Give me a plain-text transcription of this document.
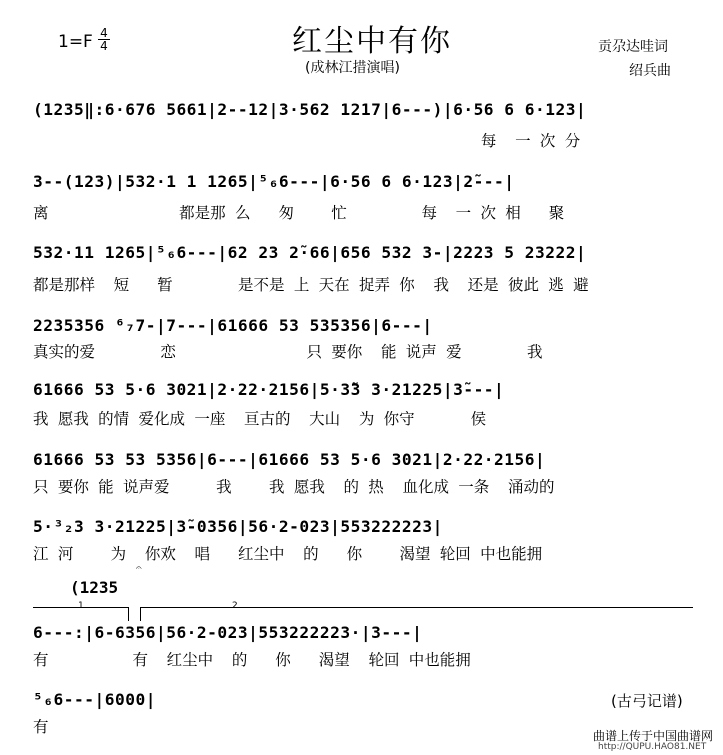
红尘中有你
1=F 4
4
(成林江措演唱)
贡尕达哇词
绍兵曲
(1235‖:6·676 5661|2--12|3·562 1217|6---)|6·56 6 6·123|
每  一 次 分
3--(123)|532·1 1 1265|⁵₆6---|6·56 6 6·123|2̃---|
离              都是那 么   匆    忙        每  一 次 相   聚
532·11 1265|⁵₆6---|62 23 2̃·66|656 532 3-|2223 5 23222|
都是那样  短   暂       是不是 上 天在 捉弄 你  我  还是 彼此 逃 避
2235356 ⁶₇7-|7---|61666 53 535356|6---|
真实的爱       恋              只 要你  能 说声 爱       我
61666 53 5·6 3021|2·22·2156|5·3̃3 3·21225|3̃---|
我 愿我 的情 爱化成 一座  亘古的  大山  为 你守      侯
61666 53 53 5356|6---|61666 53 5·6 3021|2·22·2156|
只 要你 能 说声爱     我    我 愿我  的 热  血化成 一条  涌动的
5·³₂3 3·21225|3̃-0356|56·2-023|553222223|
江 河    为  你欢  唱   红尘中  的   你    渴望 轮回 中也能拥
(1235
𝄐
1	2
6---:|6-6356|56·2-023|553222223·|3---|
有         有  红尘中  的   你   渴望  轮回 中也能拥
⁵₆6---|6000|
有
(古弓记谱)
曲谱上传于中国曲谱网
http://QUPU.HAO81.NET
